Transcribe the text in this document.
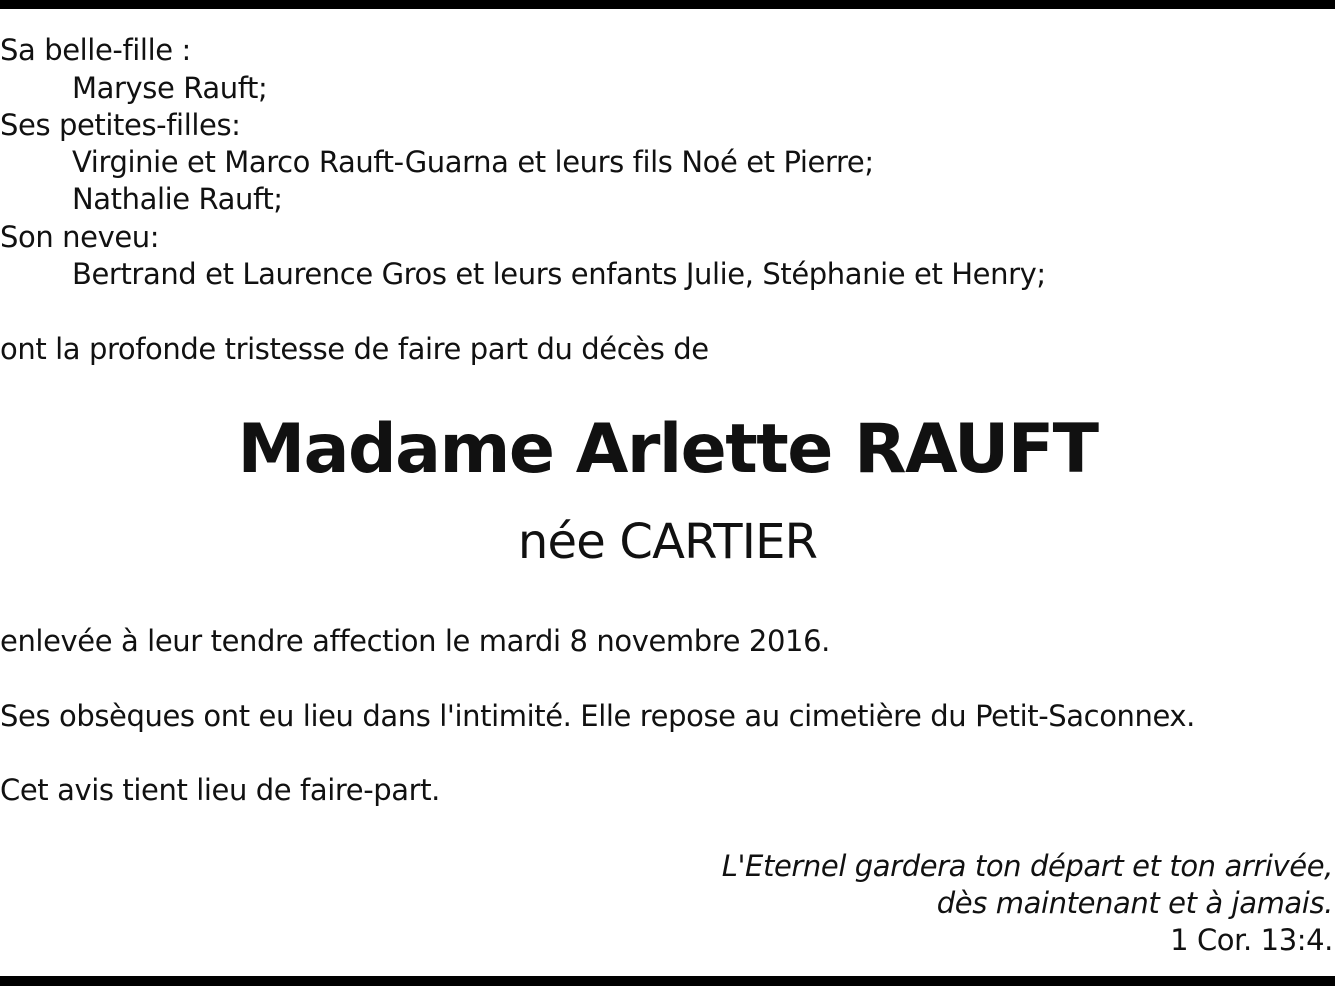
Sa belle-fille :
Maryse Rauft;
Ses petites-filles:
Virginie et Marco Rauft-Guarna et leurs fils Noé et Pierre;
Nathalie Rauft;
Son neveu:
Bertrand et Laurence Gros et leurs enfants Julie, Stéphanie et Henry;
ont la profonde tristesse de faire part du décès de
Madame Arlette RAUFT
née CARTIER
enlevée à leur tendre affection le mardi 8 novembre 2016.
Ses obsèques ont eu lieu dans l'intimité. Elle repose au cimetière du Petit-Saconnex.
Cet avis tient lieu de faire-part.
L'Eternel gardera ton départ et ton arrivée,
dès maintenant et à jamais.
1 Cor. 13:4.
